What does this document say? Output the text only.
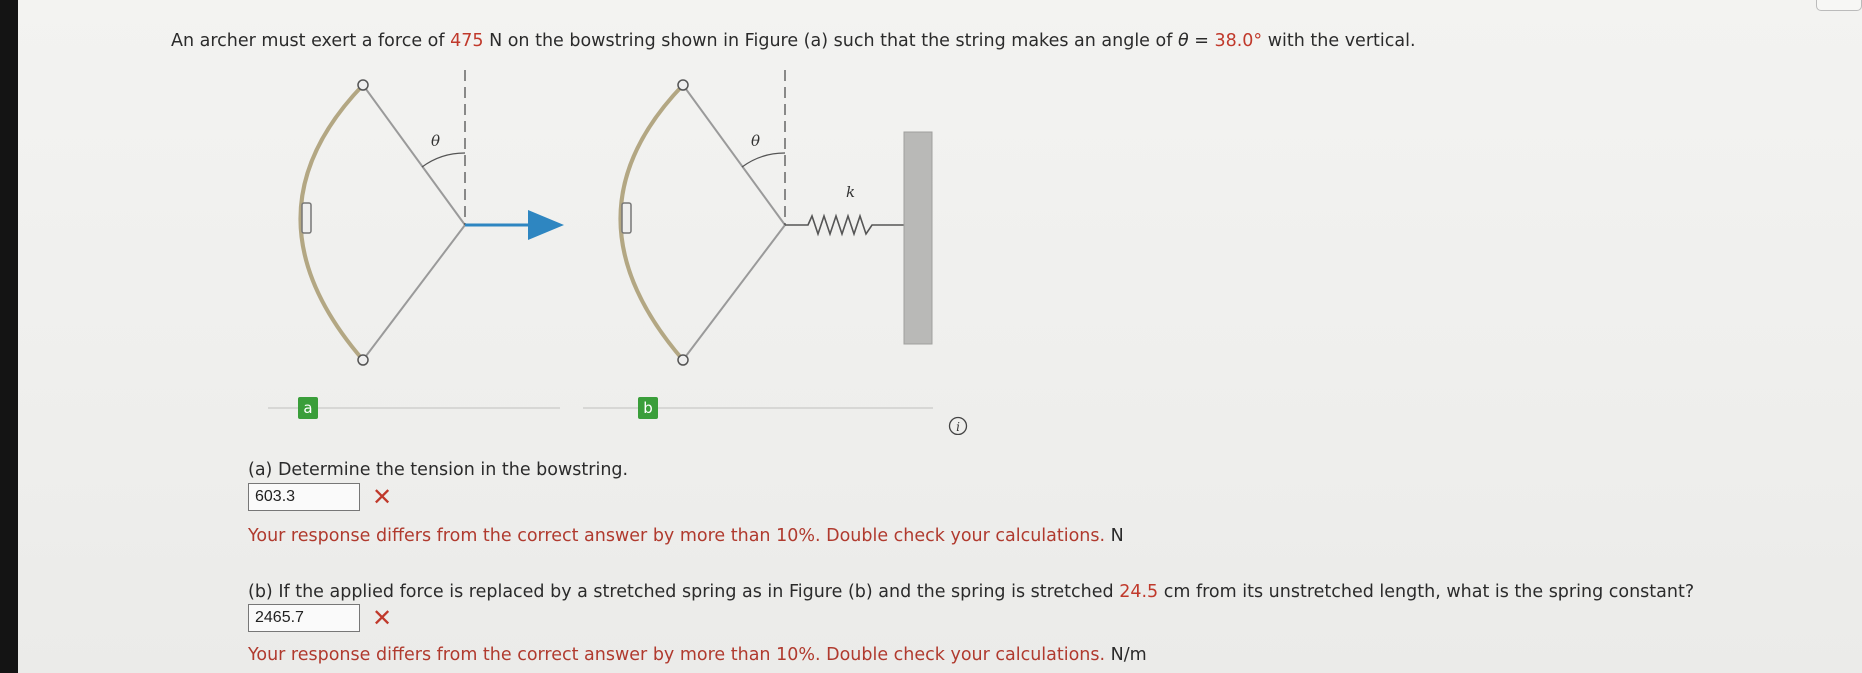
An archer must exert a force of 475 N on the bowstring shown in Figure (a) such that the string makes an angle of θ = 38.0° with the vertical.
θ	θ
k
a	b
i
(a) Determine the tension in the bowstring.
603.3	✕
Your response differs from the correct answer by more than 10%. Double check your calculations. N
(b) If the applied force is replaced by a stretched spring as in Figure (b) and the spring is stretched 24.5 cm from its unstretched length, what is the spring constant?
2465.7	✕
Your response differs from the correct answer by more than 10%. Double check your calculations. N/m
